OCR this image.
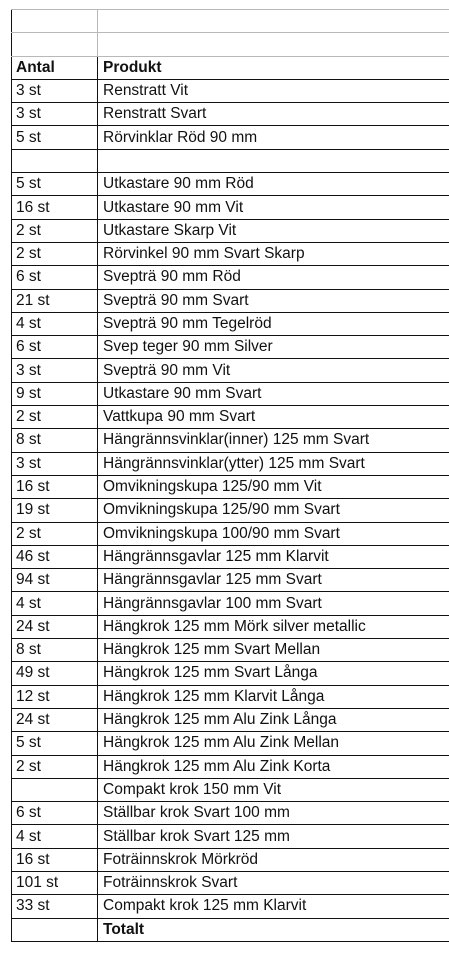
Antal	Produkt
3 st	Renstratt Vit
3 st	Renstratt Svart
5 st	Rörvinklar Röd 90 mm

5 st	Utkastare 90 mm Röd
16 st	Utkastare 90 mm Vit
2 st	Utkastare Skarp Vit
2 st	Rörvinkel 90 mm Svart Skarp
6 st	Svepträ 90 mm Röd
21 st	Svepträ 90 mm Svart
4 st	Svepträ 90 mm Tegelröd
6 st	Svep teger 90 mm Silver
3 st	Svepträ 90 mm Vit
9 st	Utkastare 90 mm Svart
2 st	Vattkupa 90 mm Svart
8 st	Hängrännsvinklar(inner) 125 mm Svart
3 st	Hängrännsvinklar(ytter) 125 mm Svart
16 st	Omvikningskupa 125/90 mm Vit
19 st	Omvikningskupa 125/90 mm Svart
2 st	Omvikningskupa 100/90 mm Svart
46 st	Hängrännsgavlar 125 mm Klarvit
94 st	Hängrännsgavlar 125 mm Svart
4 st	Hängrännsgavlar 100 mm Svart
24 st	Hängkrok 125 mm Mörk silver metallic
8 st	Hängkrok 125 mm Svart Mellan
49 st	Hängkrok 125 mm Svart Långa
12 st	Hängkrok 125 mm Klarvit Långa
24 st	Hängkrok 125 mm Alu Zink Långa
5 st	Hängkrok 125 mm Alu Zink Mellan
2 st	Hängkrok 125 mm Alu Zink Korta
	Compakt krok 150 mm Vit
6 st	Ställbar krok Svart 100 mm
4 st	Ställbar krok Svart 125 mm
16 st	Foträinnskrok Mörkröd
101 st	Foträinnskrok Svart
33 st	Compakt krok 125 mm Klarvit
	Totalt
